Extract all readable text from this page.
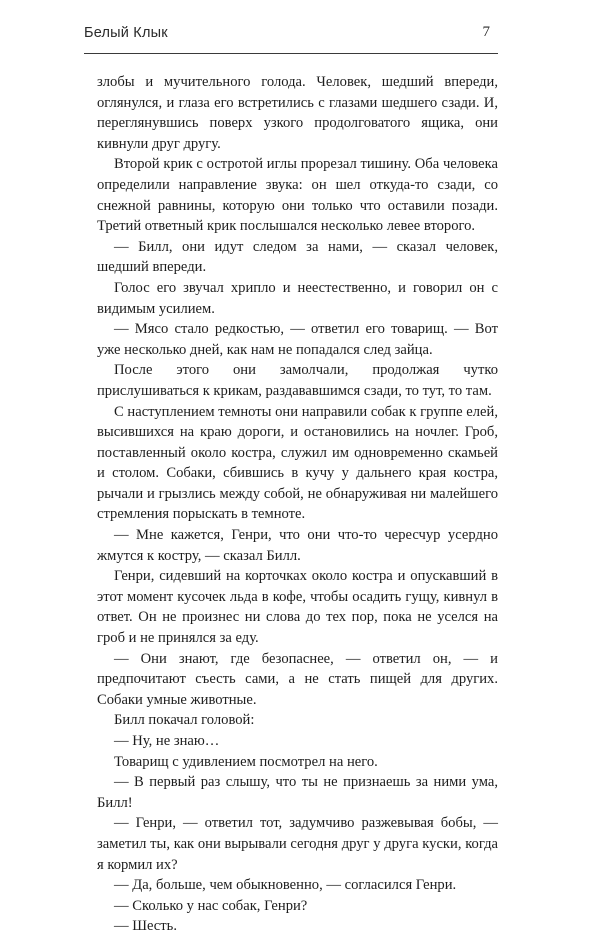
Белый Клык	7

злобы и мучительного голода. Человек, шедший впереди, оглянулся, и глаза его встретились с глазами шедшего сзади. И, переглянувшись поверх узкого продолговатого ящика, они кивнули друг другу.

Второй крик с остротой иглы прорезал тишину. Оба человека определили направление звука: он шел откуда-то сзади, со снежной равнины, которую они только что оставили позади. Третий ответный крик послышался несколько левее второго.

— Билл, они идут следом за нами, — сказал человек, шедший впереди.

Голос его звучал хрипло и неестественно, и говорил он с видимым усилием.

— Мясо стало редкостью, — ответил его товарищ. — Вот уже несколько дней, как нам не попадался след зайца.

После этого они замолчали, продолжая чутко прислушиваться к крикам, раздававшимся сзади, то тут, то там.

С наступлением темноты они направили собак к группе елей, высившихся на краю дороги, и остановились на ночлег. Гроб, поставленный около костра, служил им одновременно скамьей и столом. Собаки, сбившись в кучу у дальнего края костра, рычали и грызлись между собой, не обнаруживая ни малейшего стремления порыскать в темноте.

— Мне кажется, Генри, что они что-то чересчур усердно жмутся к костру, — сказал Билл.

Генри, сидевший на корточках около костра и опускавший в этот момент кусочек льда в кофе, чтобы осадить гущу, кивнул в ответ. Он не произнес ни слова до тех пор, пока не уселся на гроб и не принялся за еду.

— Они знают, где безопаснее, — ответил он, — и предпочитают съесть сами, а не стать пищей для других. Собаки умные животные.

Билл покачал головой:

— Ну, не знаю…

Товарищ с удивлением посмотрел на него.

— В первый раз слышу, что ты не признаешь за ними ума, Билл!

— Генри, — ответил тот, задумчиво разжевывая бобы, — заметил ты, как они вырывали сегодня друг у друга куски, когда я кормил их?

— Да, больше, чем обыкновенно, — согласился Генри.

— Сколько у нас собак, Генри?

— Шесть.
